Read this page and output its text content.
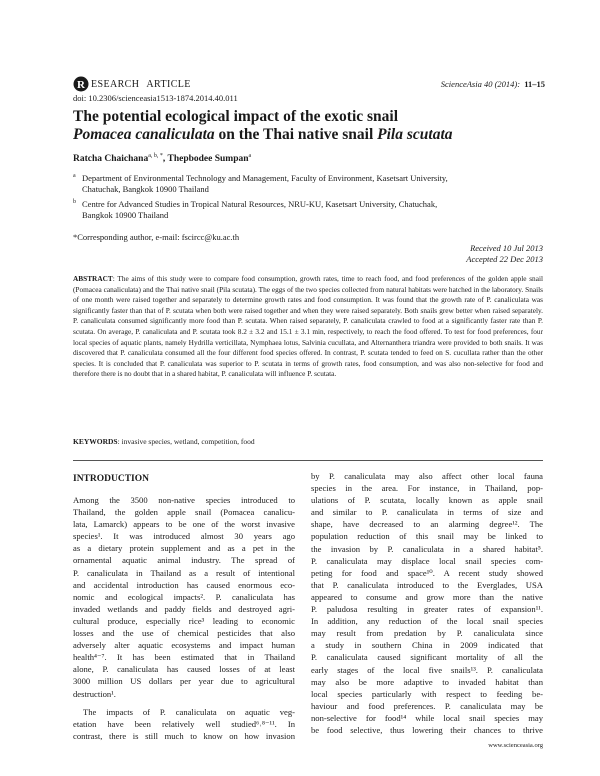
R ESEARCH ARTICLE	ScienceAsia 40 (2014): 11–15
doi: 10.2306/scienceasia1513-1874.2014.40.011
The potential ecological impact of the exotic snail
Pomacea canaliculata on the Thai native snail Pila scutata
Ratcha Chaichana$^{a, b, *}$, Thepbodee Sumpan$^a$
a Department of Environmental Technology and Management, Faculty of Environment, Kasetsart University,
Chatuchak, Bangkok 10900 Thailand
b Centre for Advanced Studies in Tropical Natural Resources, NRU-KU, Kasetsart University, Chatuchak,
Bangkok 10900 Thailand
*Corresponding author, e-mail: fscircc@ku.ac.th
Received 10 Jul 2013
Accepted 22 Dec 2013
ABSTRACT: The aims of this study were to compare food consumption, growth rates, time to reach food, and food preferences of the golden apple snail (Pomacea canaliculata) and the Thai native snail (Pila scutata). The eggs of the two species collected from natural habitats were hatched in the laboratory. Snails of one month were raised together and separately to determine growth rates and food consumption. It was found that the growth rate of P. canaliculata was significantly faster than that of P. scutata when both were raised together and when they were raised separately. Both snails grew better when raised separately. P. canaliculata consumed significantly more food than P. scutata. When raised separately, P. canaliculata crawled to food at a significantly faster rate than P. scutata. On average, P. canaliculata and P. scutata took 8.2 ± 3.2 and 15.1 ± 3.1 min, respectively, to reach the food offered. To test for food preferences, four local species of aquatic plants, namely Hydrilla verticillata, Nymphaea lotus, Salvinia cucullata, and Alternanthera triandra were provided to both snails. It was discovered that P. canaliculata consumed all the four different food species offered. In contrast, P. scutata tended to feed on S. cucullata rather than the other species. It is concluded that P. canaliculata was superior to P. scutata in terms of growth rates, food consumption, and was also non-selective for food and therefore there is no doubt that in a shared habitat, P. canaliculata will influence P. scutata.
KEYWORDS: invasive species, wetland, competition, food
INTRODUCTION
Among the 3500 non-native species introduced to
Thailand, the golden apple snail (Pomacea canalicu-
lata, Lamarck) appears to be one of the worst invasive
species¹. It was introduced almost 30 years ago
as a dietary protein supplement and as a pet in the
ornamental aquatic animal industry. The spread of
P. canaliculata in Thailand as a result of intentional
and accidental introduction has caused enormous eco-
nomic and ecological impacts². P. canaliculata has
invaded wetlands and paddy fields and destroyed agri-
cultural produce, especially rice³ leading to economic
losses and the use of chemical pesticides that also
adversely alter aquatic ecosystems and impact human
health⁴⁻⁷. It has been estimated that in Thailand
alone, P. canaliculata has caused losses of at least
3000 million US dollars per year due to agricultural
destruction¹.
The impacts of P. canaliculata on aquatic veg-
etation have been relatively well studied⁶˒⁸⁻¹¹. In
contrast, there is still much to know on how invasion
by P. canaliculata may also affect other local fauna
species in the area. For instance, in Thailand, pop-
ulations of P. scutata, locally known as apple snail
and similar to P. canaliculata in terms of size and
shape, have decreased to an alarming degree¹². The
population reduction of this snail may be linked to
the invasion by P. canaliculata in a shared habitat⁵.
P. canaliculata may displace local snail species com-
peting for food and space¹⁰. A recent study showed
that P. canaliculata introduced to the Everglades, USA
appeared to consume and grow more than the native
P. paludosa resulting in greater rates of expansion¹¹.
In addition, any reduction of the local snail species
may result from predation by P. canaliculata since
a study in southern China in 2009 indicated that
P. canaliculata caused significant mortality of all the
early stages of the local five snails¹³. P. canaliculata
may also be more adaptive to invaded habitat than
local species particularly with respect to feeding be-
haviour and food preferences. P. canaliculata may be
non-selective for food¹⁴ while local snail species may
be food selective, thus lowering their chances to thrive
www.scienceasia.org
